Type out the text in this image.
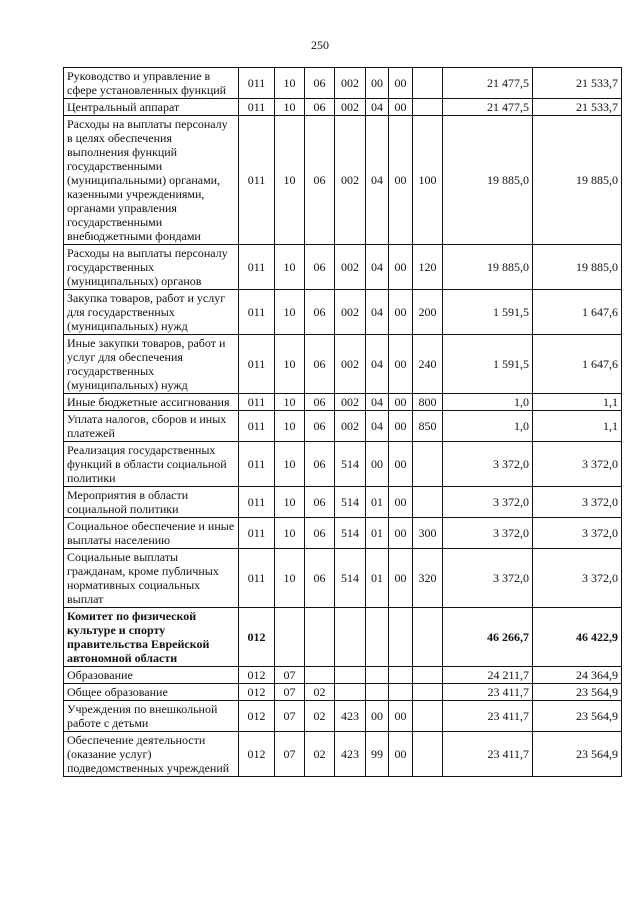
250
Руководство и управление в сфере установленных функций	011	10	06	002	00	00		21 477,5	21 533,7
Центральный аппарат	011	10	06	002	04	00		21 477,5	21 533,7
Расходы на выплаты персоналу в целях обеспечения выполнения функций государственными (муниципальными) органами, казенными учреждениями, органами управления государственными внебюджетными фондами	011	10	06	002	04	00	100	19 885,0	19 885,0
Расходы на выплаты персоналу государственных (муниципальных) органов	011	10	06	002	04	00	120	19 885,0	19 885,0
Закупка товаров, работ и услуг для государственных (муниципальных) нужд	011	10	06	002	04	00	200	1 591,5	1 647,6
Иные закупки товаров, работ и услуг для обеспечения государственных (муниципальных) нужд	011	10	06	002	04	00	240	1 591,5	1 647,6
Иные бюджетные ассигнования	011	10	06	002	04	00	800	1,0	1,1
Уплата налогов, сборов и иных платежей	011	10	06	002	04	00	850	1,0	1,1
Реализация государственных функций в области социальной политики	011	10	06	514	00	00		3 372,0	3 372,0
Мероприятия в области социальной политики	011	10	06	514	01	00		3 372,0	3 372,0
Социальное обеспечение и иные выплаты населению	011	10	06	514	01	00	300	3 372,0	3 372,0
Социальные выплаты гражданам, кроме публичных нормативных социальных выплат	011	10	06	514	01	00	320	3 372,0	3 372,0
Комитет по физической культуре и спорту правительства Еврейской автономной области	012							46 266,7	46 422,9
Образование	012	07						24 211,7	24 364,9
Общее образование	012	07	02					23 411,7	23 564,9
Учреждения по внешкольной работе с детьми	012	07	02	423	00	00		23 411,7	23 564,9
Обеспечение деятельности (оказание услуг) подведомственных учреждений	012	07	02	423	99	00		23 411,7	23 564,9
